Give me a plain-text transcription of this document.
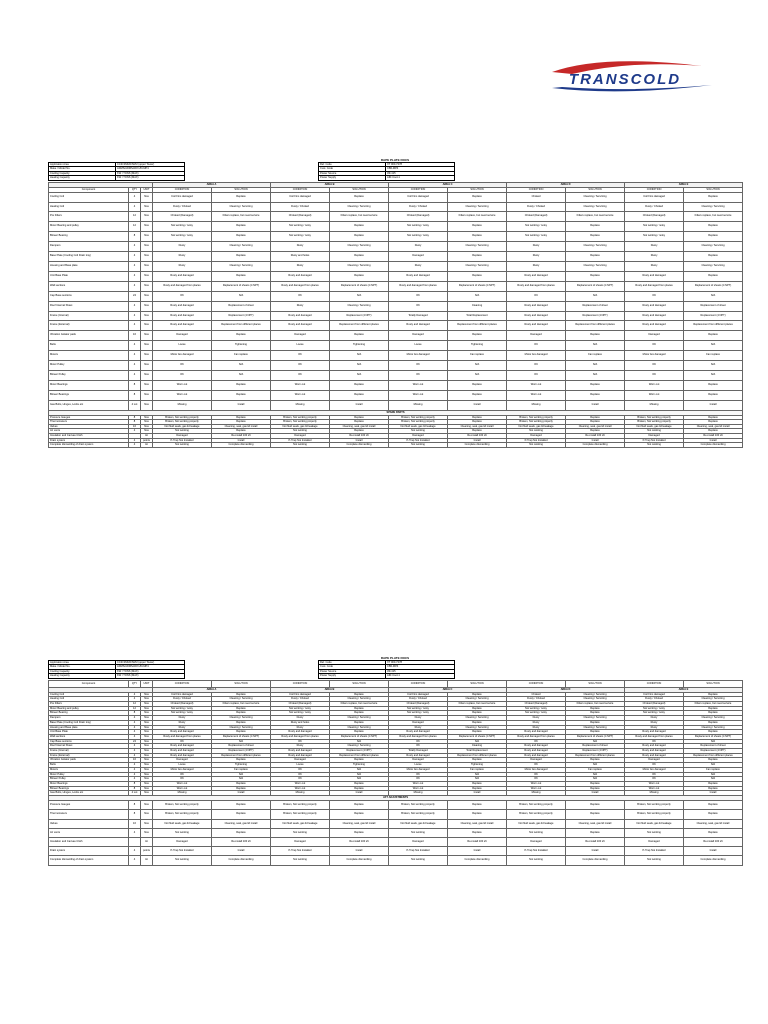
TRANSCOLD
RAPE PLATE DOCS
Application Area	CCR-SMUD/SMU (upper Tower)
Make / Model No.	ADMS/ADMS/ADX-80-MP4
Cooling Capacity	KW / TONS (MAX)
Heating Capacity	KW / TONS (MAX)
Ref. Code	XT 000-7278
Cust. Code	CB0-MP4
Power Source	3Ф-415
Power Supply	AIR-Cool-1
			AREA A		AREA B		AREA C		AREA D		AREA E	
Component	QTY	UNIT	CONDITION	SOLUTION	CONDITION	SOLUTION	CONDITION	SOLUTION	CONDITION	SOLUTION	CONDITION	SOLUTION
Cooling Coil	4	Nos	Coil Fins damaged	Replace	Coil Fins damaged	Replace	Coil Fins damaged	Replace	Choked	Cleaning / Servicing	Coil Fins damaged	Replace
Heating Coil	4	Nos	Dusty / Choked	Cleaning / Servicing	Dusty / Choked	Cleaning / Servicing	Dusty / Choked	Cleaning / Servicing	Dusty / Choked	Cleaning / Servicing	Dusty / Choked	Cleaning / Servicing
Pre Filters	12	Nos	Choked (Damaged)	Filters replace, but need service	Choked (Damaged)	Filters replace, but need service	Choked (Damaged)	Filters replace, but need service	Choked (Damaged)	Filters replace, but need service	Choked (Damaged)	Filters replace, but need service
Motor Bearing and pulley	12	Nos	Not working / noisy	Replace	Not working / noisy	Replace	Not working / noisy	Replace	Not working / noisy	Replace	Not working / noisy	Replace
Blower Bearing	8	Nos	Not working / noisy	Replace	Not working / noisy	Replace	Not working / noisy	Replace	Not working / noisy	Replace	Not working / noisy	Replace
Dampers	4	Nos	Dusty	Cleaning / Servicing	Dusty	Cleaning / Servicing	Dusty	Cleaning / Servicing	Dusty	Cleaning / Servicing	Dusty	Cleaning / Servicing
Base Plate (Cooling Coil Drain tray)	4	Nos	Rusty	Replace	Rusty and holes	Replace	Damaged	Replace	Rusty	Replace	Rusty	Replace
Housing and Base plate	4	Nos	Rusty	Cleaning / Servicing	Rusty	Cleaning / Servicing	Rusty	Cleaning / Servicing	Rusty	Cleaning / Servicing	Rusty	Cleaning / Servicing
Unit Base Plate	4	Nos	Rusty and damaged	Replace	Rusty and damaged	Replace	Rusty and damaged	Replace	Rusty and damaged	Replace	Rusty and damaged	Replace
Wall sections	4	Nos	Rusty and damaged from places	Replacement of sheets (4 NPT)	Rusty and damaged from places	Replacement of sheets (4 NPT)	Rusty and damaged from places	Replacement of sheets (4 NPT)	Rusty and damaged from places	Replacement of sheets (4 NPT)	Rusty and damaged from places	Replacement of sheets (4 NPT)
Cap Base sections	24	Nos	OK	N/A	OK	N/A	OK	N/A	OK	N/A	OK	N/A
Roof Internal Sheet	4	Nos	Rusty and damaged	Replacement of sheet	Rusty	Cleaning / Servicing	OK	Cleaning	Rusty and damaged	Replacement of sheet	Rusty and damaged	Replacement of sheet
Frame (Internal)	4	Nos	Rusty and damaged	Replacement (4 NPT)	Rusty and damaged	Replacement (4 NPT)	Totally Damaged	Total Replacement	Rusty and damaged	Replacement (4 NPT)	Rusty and damaged	Replacement (4 NPT)
Frame (External)	4	Nos	Rusty and damaged	Replacement from different places	Rusty and damaged	Replacement from different places	Rusty and damaged	Replacement from different places	Rusty and damaged	Replacement from different places	Rusty and damaged	Replacement from different places
Vibration Isolator pads	16	Nos	Damaged	Replace	Damaged	Replace	Damaged	Replace	Damaged	Replace	Damaged	Replace
Belts	4	Nos	Loose	Tightening	Loose	Tightening	Loose	Tightening	OK	N/A	OK	N/A
Motors	4	Nos	Motor Are damaged	Fan replace	OK	N/A	Motor Are damaged	Fan replace	Motor Are damaged	Fan replace	Motor Are damaged	Fan replace
Motor Pulley	4	Nos	OK	N/A	OK	N/A	OK	N/A	OK	N/A	OK	N/A
Blower Pulley	4	Nos	OK	N/A	OK	N/A	OK	N/A	OK	N/A	OK	N/A
Motor Bearings	8	Nos	Worn out	Replace	Worn out	Replace	Worn out	Replace	Worn out	Replace	Worn out	Replace
Blower Bearings	8	Nos	Worn out	Replace	Worn out	Replace	Worn out	Replace	Worn out	Replace	Worn out	Replace
Gas Bolts, Hinges, Locks etc	4 Lot	Nos	Missing	Install	Missing	Install	Missing	Install	Missing	Install	Missing	Install
SPARE PARTS												
Pressure Gauges	8	Nos	Broken, Not working properly	Replace	Broken, Not working properly	Replace	Broken, Not working properly	Replace	Broken, Not working properly	Replace	Broken, Not working properly	Replace
Thermometers	8	Nos	Broken, Not working properly	Replace	Broken, Not working properly	Replace	Broken, Not working properly	Replace	Broken, Not working properly	Replace	Broken, Not working properly	Replace
Valves	16	Nos	Not fluid seals, gas lid leakage	Cleaning, seal, gas lid install	Not fluid seals, gas lid leakage	Cleaning, seal, gas lid install	Not fluid seals, gas lid leakage	Cleaning, seal, gas lid install	Not fluid seals, gas lid leakage	Cleaning, seal, gas lid install	Not fluid seals, gas lid leakage	Cleaning, seal, gas lid install
Air vents	4	Nos	Not working	Replace	Not working	Replace	Not working	Replace	Not working	Replace	Not working	Replace
Insulation and Canvas Cloth		lot	Damaged	Re-install 100 sft	Damaged	Re-install 100 sft	Damaged	Re-install 100 sft	Damaged	Re-install 100 sft	Damaged	Re-install 100 sft
Drain system	4	points	P-Trap Not Installed	Install	P-Trap Not Installed	Install	P-Trap Not Installed	Install	P-Trap Not Installed	Install	P-Trap Not Installed	Install
Complete dismantling of drain system	4	lot	Not working	Complete dismantling	Not working	Complete dismantling	Not working	Complete dismantling	Not working	Complete dismantling	Not working	Complete dismantling
RAPE PLATE DOCS
Application Area	CCR-SMUD/SMU (upper Tower)
Make / Model No.	ADMS/ADMS/ADX-80-MP4
Cooling Capacity	KW / TONS (MAX)
Heating Capacity	KW / TONS (MAX)
Ref. Code	XT 000-7278
Cust. Code	CB0-MP4
Power Source	3Ф-415
Power Supply	AIR-Cool-1
Component	QTY	UNIT	CONDITION	SOLUTION	CONDITION	SOLUTION	CONDITION	SOLUTION	CONDITION	SOLUTION	CONDITION	SOLUTION
			AREA A		AREA B		AREA C		AREA D		AREA E	
Cooling Coil	4	Nos	Coil Fins damaged	Replace	Coil Fins damaged	Replace	Coil Fins damaged	Replace	Choked	Cleaning / Servicing	Coil Fins damaged	Replace
Heating Coil	4	Nos	Dusty / Choked	Cleaning / Servicing	Dusty / Choked	Cleaning / Servicing	Dusty / Choked	Cleaning / Servicing	Dusty / Choked	Cleaning / Servicing	Dusty / Choked	Cleaning / Servicing
Pre Filters	12	Nos	Choked (Damaged)	Filters replace, but need service	Choked (Damaged)	Filters replace, but need service	Choked (Damaged)	Filters replace, but need service	Choked (Damaged)	Filters replace, but need service	Choked (Damaged)	Filters replace, but need service
Motor Bearing and pulley	12	Nos	Not working / noisy	Replace	Not working / noisy	Replace	Not working / noisy	Replace	Not working / noisy	Replace	Not working / noisy	Replace
Blower Bearing	8	Nos	Not working / noisy	Replace	Not working / noisy	Replace	Not working / noisy	Replace	Not working / noisy	Replace	Not working / noisy	Replace
Dampers	4	Nos	Dusty	Cleaning / Servicing	Dusty	Cleaning / Servicing	Dusty	Cleaning / Servicing	Dusty	Cleaning / Servicing	Dusty	Cleaning / Servicing
Base Plate (Cooling Coil Drain tray)	4	Nos	Rusty	Replace	Rusty and holes	Replace	Damaged	Replace	Rusty	Replace	Rusty	Replace
Housing and Base plate	4	Nos	Rusty	Cleaning / Servicing	Rusty	Cleaning / Servicing	Rusty	Cleaning / Servicing	Rusty	Cleaning / Servicing	Rusty	Cleaning / Servicing
Unit Base Plate	4	Nos	Rusty and damaged	Replace	Rusty and damaged	Replace	Rusty and damaged	Replace	Rusty and damaged	Replace	Rusty and damaged	Replace
Wall sections	4	Nos	Rusty and damaged from places	Replacement of sheets (4 NPT)	Rusty and damaged from places	Replacement of sheets (4 NPT)	Rusty and damaged from places	Replacement of sheets (4 NPT)	Rusty and damaged from places	Replacement of sheets (4 NPT)	Rusty and damaged from places	Replacement of sheets (4 NPT)
Cap Base sections	24	Nos	OK	N/A	OK	N/A	OK	N/A	OK	N/A	OK	N/A
Roof Internal Sheet	4	Nos	Rusty and damaged	Replacement of sheet	Rusty	Cleaning / Servicing	OK	Cleaning	Rusty and damaged	Replacement of sheet	Rusty and damaged	Replacement of sheet
Frame (Internal)	4	Nos	Rusty and damaged	Replacement (4 NPT)	Rusty and damaged	Replacement (4 NPT)	Totally Damaged	Total Replacement	Rusty and damaged	Replacement (4 NPT)	Rusty and damaged	Replacement (4 NPT)
Frame (External)	4	Nos	Rusty and damaged	Replacement from different places	Rusty and damaged	Replacement from different places	Rusty and damaged	Replacement from different places	Rusty and damaged	Replacement from different places	Rusty and damaged	Replacement from different places
Vibration Isolator pads	16	Nos	Damaged	Replace	Damaged	Replace	Damaged	Replace	Damaged	Replace	Damaged	Replace
Belts	4	Nos	Loose	Tightening	Loose	Tightening	Loose	Tightening	OK	N/A	OK	N/A
Motors	4	Nos	Motor Are damaged	Fan replace	OK	N/A	Motor Are damaged	Fan replace	Motor Are damaged	Fan replace	Motor Are damaged	Fan replace
Motor Pulley	4	Nos	OK	N/A	OK	N/A	OK	N/A	OK	N/A	OK	N/A
Blower Pulley	4	Nos	OK	N/A	OK	N/A	OK	N/A	OK	N/A	OK	N/A
Motor Bearings	8	Nos	Worn out	Replace	Worn out	Replace	Worn out	Replace	Worn out	Replace	Worn out	Replace
Blower Bearings	8	Nos	Worn out	Replace	Worn out	Replace	Worn out	Replace	Worn out	Replace	Worn out	Replace
Gas Bolts, Hinges, Locks etc	4 Lot	Nos	Missing	Install	Missing	Install	Missing	Install	Missing	Install	Missing	Install
AFT ADJUSTMENTS												
Pressure Gauges	8	Nos	Broken, Not working properly	Replace	Broken, Not working properly	Replace	Broken, Not working properly	Replace	Broken, Not working properly	Replace	Broken, Not working properly	Replace
Thermometers	8	Nos	Broken, Not working properly	Replace	Broken, Not working properly	Replace	Broken, Not working properly	Replace	Broken, Not working properly	Replace	Broken, Not working properly	Replace
Valves	16	Nos	Not fluid seals, gas lid leakage	Cleaning, seal, gas lid install	Not fluid seals, gas lid leakage	Cleaning, seal, gas lid install	Not fluid seals, gas lid leakage	Cleaning, seal, gas lid install	Not fluid seals, gas lid leakage	Cleaning, seal, gas lid install	Not fluid seals, gas lid leakage	Cleaning, seal, gas lid install
Air vents	4	Nos	Not working	Replace	Not working	Replace	Not working	Replace	Not working	Replace	Not working	Replace
Insulation and Canvas Cloth		lot	Damaged	Re-install 100 sft	Damaged	Re-install 100 sft	Damaged	Re-install 100 sft	Damaged	Re-install 100 sft	Damaged	Re-install 100 sft
Drain system	4	points	P-Trap Not Installed	Install	P-Trap Not Installed	Install	P-Trap Not Installed	Install	P-Trap Not Installed	Install	P-Trap Not Installed	Install
Complete dismantling of drain system	4	lot	Not working	Complete dismantling	Not working	Complete dismantling	Not working	Complete dismantling	Not working	Complete dismantling	Not working	Complete dismantling
